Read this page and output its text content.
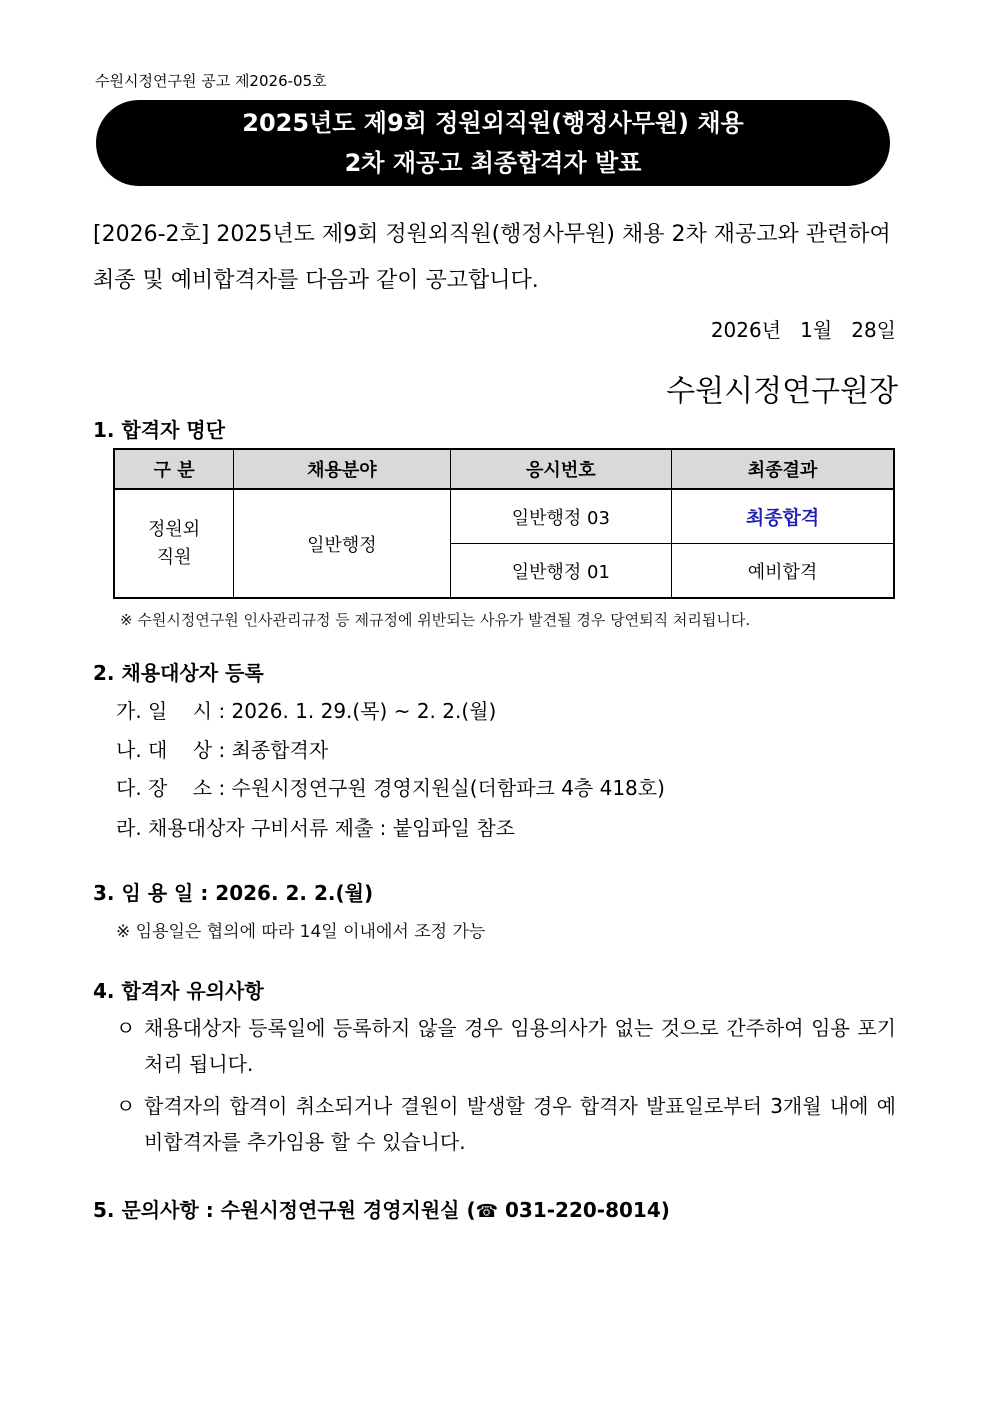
수원시정연구원 공고 제2026-05호
2025년도 제9회 정원외직원(행정사무원) 채용
2차 재공고 최종합격자 발표
[2026-2호] 2025년도 제9회 정원외직원(행정사무원) 채용 2차 재공고와 관련하여
최종 및 예비합격자를 다음과 같이 공고합니다.
2026년   1월   28일
수원시정연구원장
1. 합격자 명단
구 분	채용분야	응시번호	최종결과
정원외
직원	일반행정	일반행정 03	최종합격
		일반행정 01	예비합격
※ 수원시정연구원 인사관리규정 등 제규정에 위반되는 사유가 발견될 경우 당연퇴직 처리됩니다.
2. 채용대상자 등록
가. 일    시 : 2026. 1. 29.(목) ~ 2. 2.(월)
나. 대    상 : 최종합격자
다. 장    소 : 수원시정연구원 경영지원실(더함파크 4층 418호)
라. 채용대상자 구비서류 제출 : 붙임파일 참조
3. 임 용 일 : 2026. 2. 2.(월)
※ 임용일은 협의에 따라 14일 이내에서 조정 가능
4. 합격자 유의사항
ㅇ 채용대상자 등록일에 등록하지 않을 경우 임용의사가 없는 것으로 간주하여 임용 포기처리 됩니다.
ㅇ 합격자의 합격이 취소되거나 결원이 발생할 경우 합격자 발표일로부터 3개월 내에 예비합격자를 추가임용 할 수 있습니다.
5. 문의사항 : 수원시정연구원 경영지원실 (☎ 031-220-8014)
